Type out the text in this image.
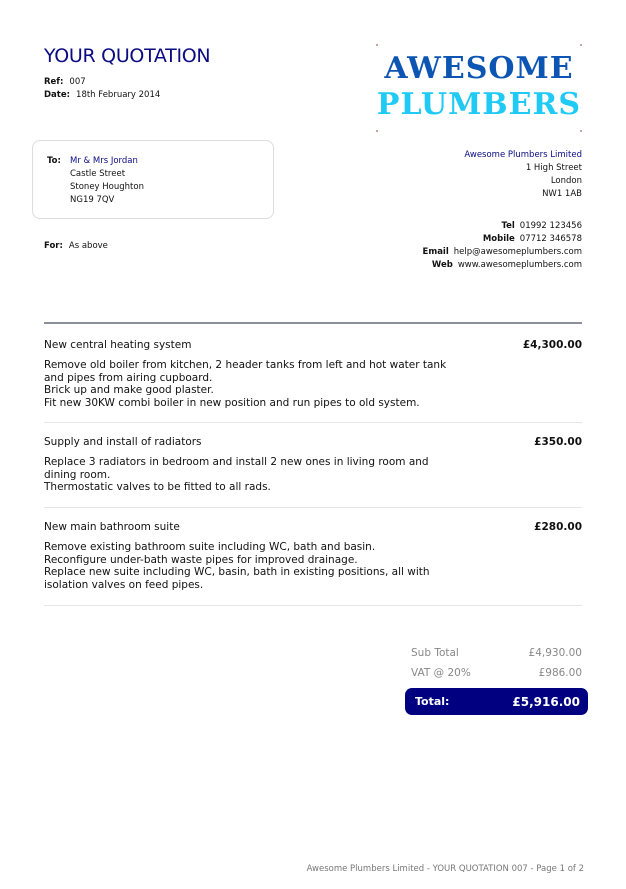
YOUR QUOTATION
Ref: 007
Date: 18th February 2014
AWESOME
PLUMBERS
To: Mr & Mrs Jordan
Castle Street
Stoney Houghton
NG19 7QV
For: As above
Awesome Plumbers Limited
1 High Street
London
NW1 1AB
Tel 01992 123456
Mobile 07712 346578
Email help@awesomeplumbers.com
Web www.awesomeplumbers.com
New central heating system	£4,300.00
Remove old boiler from kitchen, 2 header tanks from left and hot water tank and pipes from airing cupboard.
Brick up and make good plaster.
Fit new 30KW combi boiler in new position and run pipes to old system.
Supply and install of radiators	£350.00
Replace 3 radiators in bedroom and install 2 new ones in living room and dining room.
Thermostatic valves to be fitted to all rads.
New main bathroom suite	£280.00
Remove existing bathroom suite including WC, bath and basin.
Reconfigure under-bath waste pipes for improved drainage.
Replace new suite including WC, basin, bath in existing positions, all with isolation valves on feed pipes.
Sub Total	£4,930.00
VAT @ 20%	£986.00
Total:	£5,916.00
Awesome Plumbers Limited - YOUR QUOTATION 007 - Page 1 of 2
